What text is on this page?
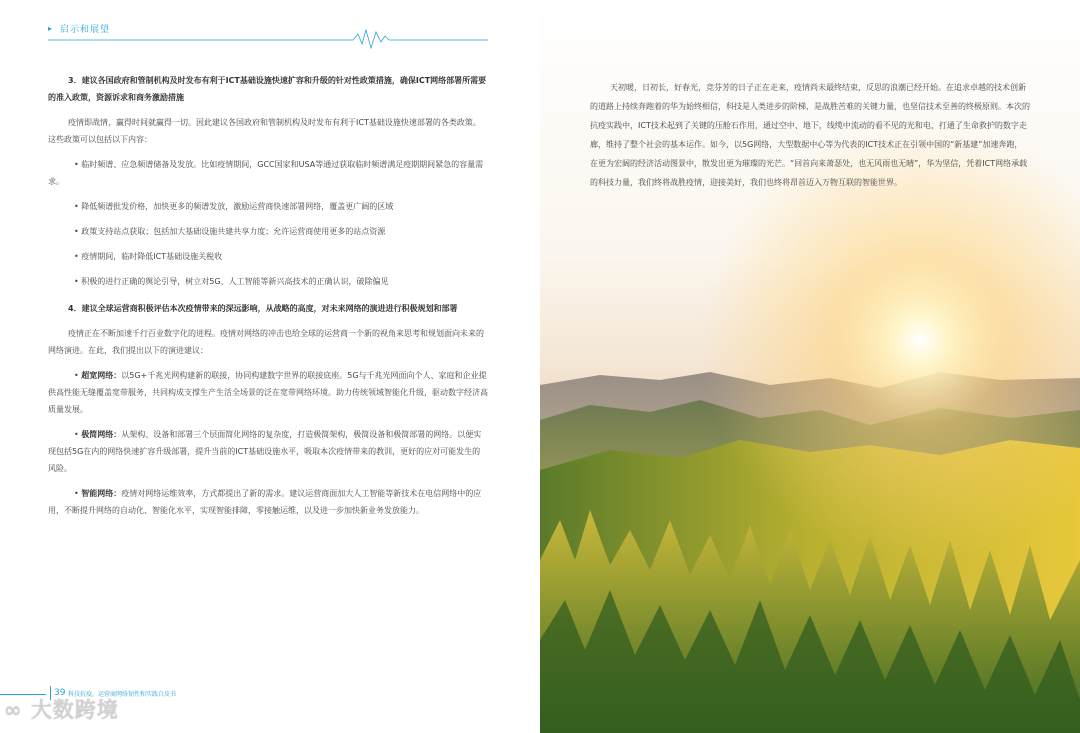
▸ 启示和展望

3．建议各国政府和管制机构及时发布有利于ICT基础设施快速扩容和升级的针对性政策措施，确保ICT网络部署所需要的准入政策，资源诉求和商务激励措施

疫情即战情，赢得时间就赢得一切。因此建议各国政府和管制机构及时发布有利于ICT基础设施快速部署的各类政策。这些政策可以包括以下内容：

• 临时频谱、应急频谱储备及发放。比如疫情期间，GCC国家和USA等通过获取临时频谱满足疫期期间紧急的容量需求。

• 降低频谱批发价格，加快更多的频谱发放，激励运营商快速部署网络，覆盖更广阔的区域

• 政策支持站点获取；包括加大基础设施共建共享力度；允许运营商使用更多的站点资源

• 疫情期间，临时降低ICT基础设施关税收

• 积极的进行正确的舆论引导，树立对5G、人工智能等新兴高技术的正确认识，破除偏见

4．建议全球运营商积极评估本次疫情带来的深远影响，从战略的高度，对未来网络的演进进行积极规划和部署

疫情正在不断加速千行百业数字化的进程。疫情对网络的冲击也给全球的运营商一个新的视角来思考和规划面向未来的网络演进。在此，我们提出以下的演进建议：

• 超宽网络：以5G+千兆光网构建新的联接，协同构建数字世界的联接底座。5G与千兆光网面向个人、家庭和企业提供高性能无缝覆盖宽带服务，共同构成支撑生产生活全场景的泛在宽带网络环境。助力传统领域智能化升级，驱动数字经济高质量发展。

• 极简网络：从架构、设备和部署三个层面简化网络的复杂度，打造极简架构，极简设备和极简部署的网络。以便实现包括5G在内的网络快速扩容升级部署，提升当前的ICT基础设施水平，吸取本次疫情带来的教训，更好的应对可能发生的风险。

• 智能网络：疫情对网络运维效率，方式都提出了新的需求。建议运营商面加大人工智能等新技术在电信网络中的应用，不断提升网络的自动化、智能化水平，实现智能排障，零接触运维，以及进一步加快新业务发放能力。

39 科技抗疫，运营商网络韧性和实践白皮书
∞ 大数跨境

天初暖，日初长，好春光，竞芬芳的日子正在走来，疫情尚未最终结束，反思的浪潮已经开始。在追求卓越的技术创新的道路上持续奔跑着的华为始终相信，科技是人类进步的阶梯，是战胜苦难的关键力量，也坚信技术至善的终极原则。本次的抗疫实践中，ICT技术起到了关键的压舱石作用，通过空中、地下，线缆中流动的看不见的光和电，打通了生命救护的数字走廊，维持了整个社会的基本运作。如今，以5G网络，大型数据中心等为代表的ICT技术正在引领中国的“新基建”加速奔跑，在更为宏阔的经济活动图景中，散发出更为璀璨的光芒。“回首向来萧瑟处，也无风雨也无晴”，华为坚信，凭着ICT网络承载的科技力量，我们终将战胜疫情，迎接美好，我们也终将昂首迈入万物互联的智能世界。
